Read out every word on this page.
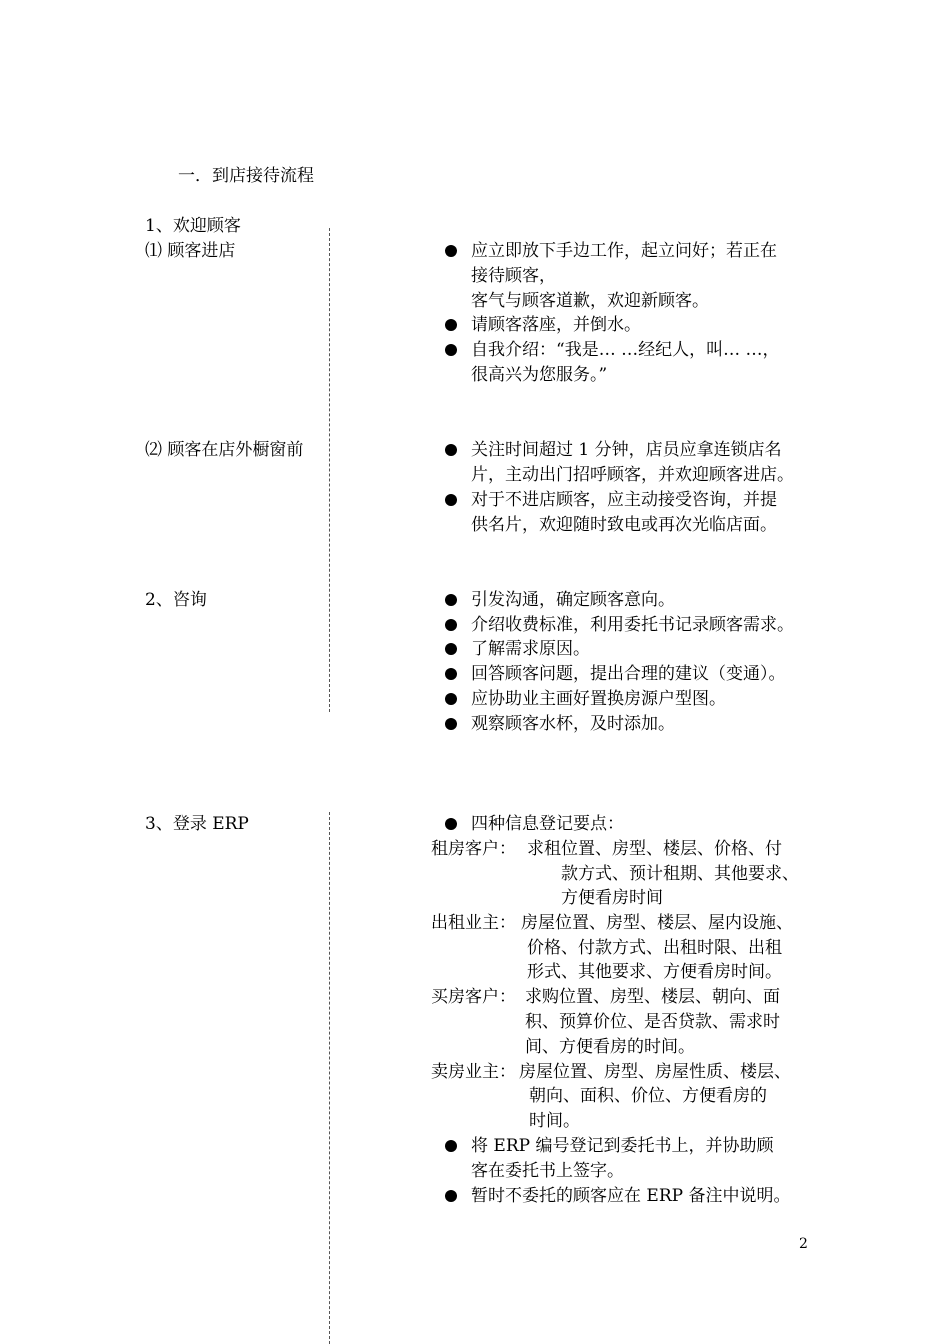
一．到店接待流程
1、欢迎顾客
⑴ 顾客进店	应立即放下手边工作，起立问好；若正在
接待顾客，
客气与顾客道歉，欢迎新顾客。
请顾客落座，并倒水。
自我介绍：“我是… …经纪人，叫… …，
很高兴为您服务。”
⑵ 顾客在店外橱窗前	关注时间超过 1 分钟，店员应拿连锁店名
片，主动出门招呼顾客，并欢迎顾客进店。
对于不进店顾客，应主动接受咨询，并提
供名片，欢迎随时致电或再次光临店面。
2、咨询	引发沟通，确定顾客意向。
介绍收费标准，利用委托书记录顾客需求。
了解需求原因。
回答顾客问题，提出合理的建议（变通）。
应协助业主画好置换房源户型图。
观察顾客水杯，及时添加。
3、登录 ERP	四种信息登记要点：
租房客户： 求租位置、房型、楼层、价格、付
款方式、预计租期、其他要求、
方便看房时间
出租业主： 房屋位置、房型、楼层、屋内设施、
价格、付款方式、出租时限、出租
形式、其他要求、方便看房时间。
买房客户： 求购位置、房型、楼层、朝向、面
积、预算价位、是否贷款、需求时
间、方便看房的时间。
卖房业主： 房屋位置、房型、房屋性质、楼层、
朝向、面积、价位、方便看房的
时间。
将 ERP 编号登记到委托书上，并协助顾
客在委托书上签字。
暂时不委托的顾客应在 ERP 备注中说明。
2
